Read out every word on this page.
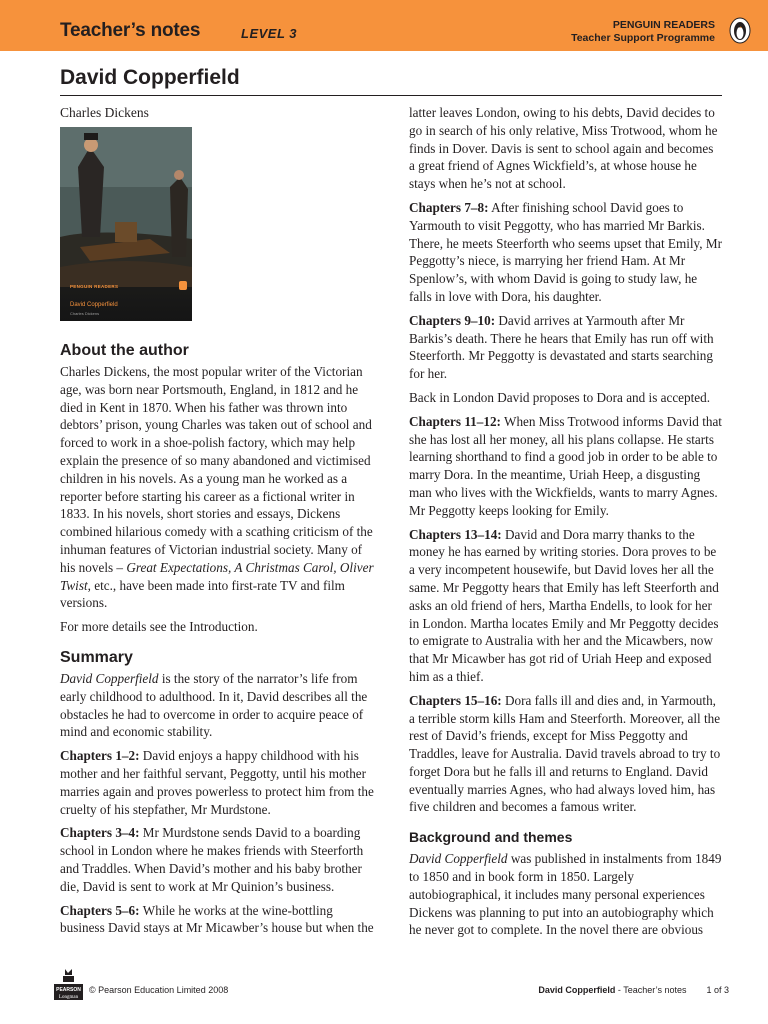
Teacher’s notes	LEVEL 3
PENGUIN READERS
Teacher Support Programme
David Copperfield
Charles Dickens
PENGUIN READERS
David Copperfield
Charles Dickens
About the author

Charles Dickens, the most popular writer of the Victorian age, was born near Portsmouth, England, in 1812 and he died in Kent in 1870. When his father was thrown into debtors’ prison, young Charles was taken out of school and forced to work in a shoe-polish factory, which may help explain the presence of so many abandoned and victimised children in his novels. As a young man he worked as a reporter before starting his career as a fictional writer in 1833. In his novels, short stories and essays, Dickens combined hilarious comedy with a scathing criticism of the inhuman features of Victorian industrial society. Many of his novels – Great Expectations, A Christmas Carol, Oliver Twist, etc., have been made into first-rate TV and film versions.

For more details see the Introduction.

Summary

David Copperfield is the story of the narrator’s life from early childhood to adulthood. In it, David describes all the obstacles he had to overcome in order to acquire peace of mind and economic stability.

Chapters 1–2: David enjoys a happy childhood with his mother and her faithful servant, Peggotty, until his mother marries again and proves powerless to protect him from the cruelty of his stepfather, Mr Murdstone.

Chapters 3–4: Mr Murdstone sends David to a boarding school in London where he makes friends with Steerforth and Traddles. When David’s mother and his baby brother die, David is sent to work at Mr Quinion’s business.

Chapters 5–6: While he works at the wine-bottling business David stays at Mr Micawber’s house but when the

latter leaves London, owing to his debts, David decides to go in search of his only relative, Miss Trotwood, whom he finds in Dover. Davis is sent to school again and becomes a great friend of Agnes Wickfield’s, at whose house he stays when he’s not at school.

Chapters 7–8: After finishing school David goes to Yarmouth to visit Peggotty, who has married Mr Barkis. There, he meets Steerforth who seems upset that Emily, Mr Peggotty’s niece, is marrying her friend Ham. At Mr Spenlow’s, with whom David is going to study law, he falls in love with Dora, his daughter.

Chapters 9–10: David arrives at Yarmouth after Mr Barkis’s death. There he hears that Emily has run off with Steerforth. Mr Peggotty is devastated and starts searching for her.

Back in London David proposes to Dora and is accepted.

Chapters 11–12: When Miss Trotwood informs David that she has lost all her money, all his plans collapse. He starts learning shorthand to find a good job in order to be able to marry Dora. In the meantime, Uriah Heep, a disgusting man who lives with the Wickfields, wants to marry Agnes. Mr Peggotty keeps looking for Emily.

Chapters 13–14: David and Dora marry thanks to the money he has earned by writing stories. Dora proves to be a very incompetent housewife, but David loves her all the same. Mr Peggotty hears that Emily has left Steerforth and asks an old friend of hers, Martha Endells, to look for her in London. Martha locates Emily and Mr Peggotty decides to emigrate to Australia with her and the Micawbers, now that Mr Micawber has got rid of Uriah Heep and exposed him as a thief.

Chapters 15–16: Dora falls ill and dies and, in Yarmouth, a terrible storm kills Ham and Steerforth. Moreover, all the rest of David’s friends, except for Miss Peggotty and Traddles, leave for Australia. David travels abroad to try to forget Dora but he falls ill and returns to England. David eventually marries Agnes, who had always loved him, has five children and becomes a famous writer.

Background and themes

David Copperfield was published in instalments from 1849 to 1850 and in book form in 1850. Largely autobiographical, it includes many personal experiences Dickens was planning to put into an autobiography which he never got to complete. In the novel there are obvious

PEARSON
Longman
© Pearson Education Limited 2008	David Copperfield - Teacher’s notes 1 of 3
